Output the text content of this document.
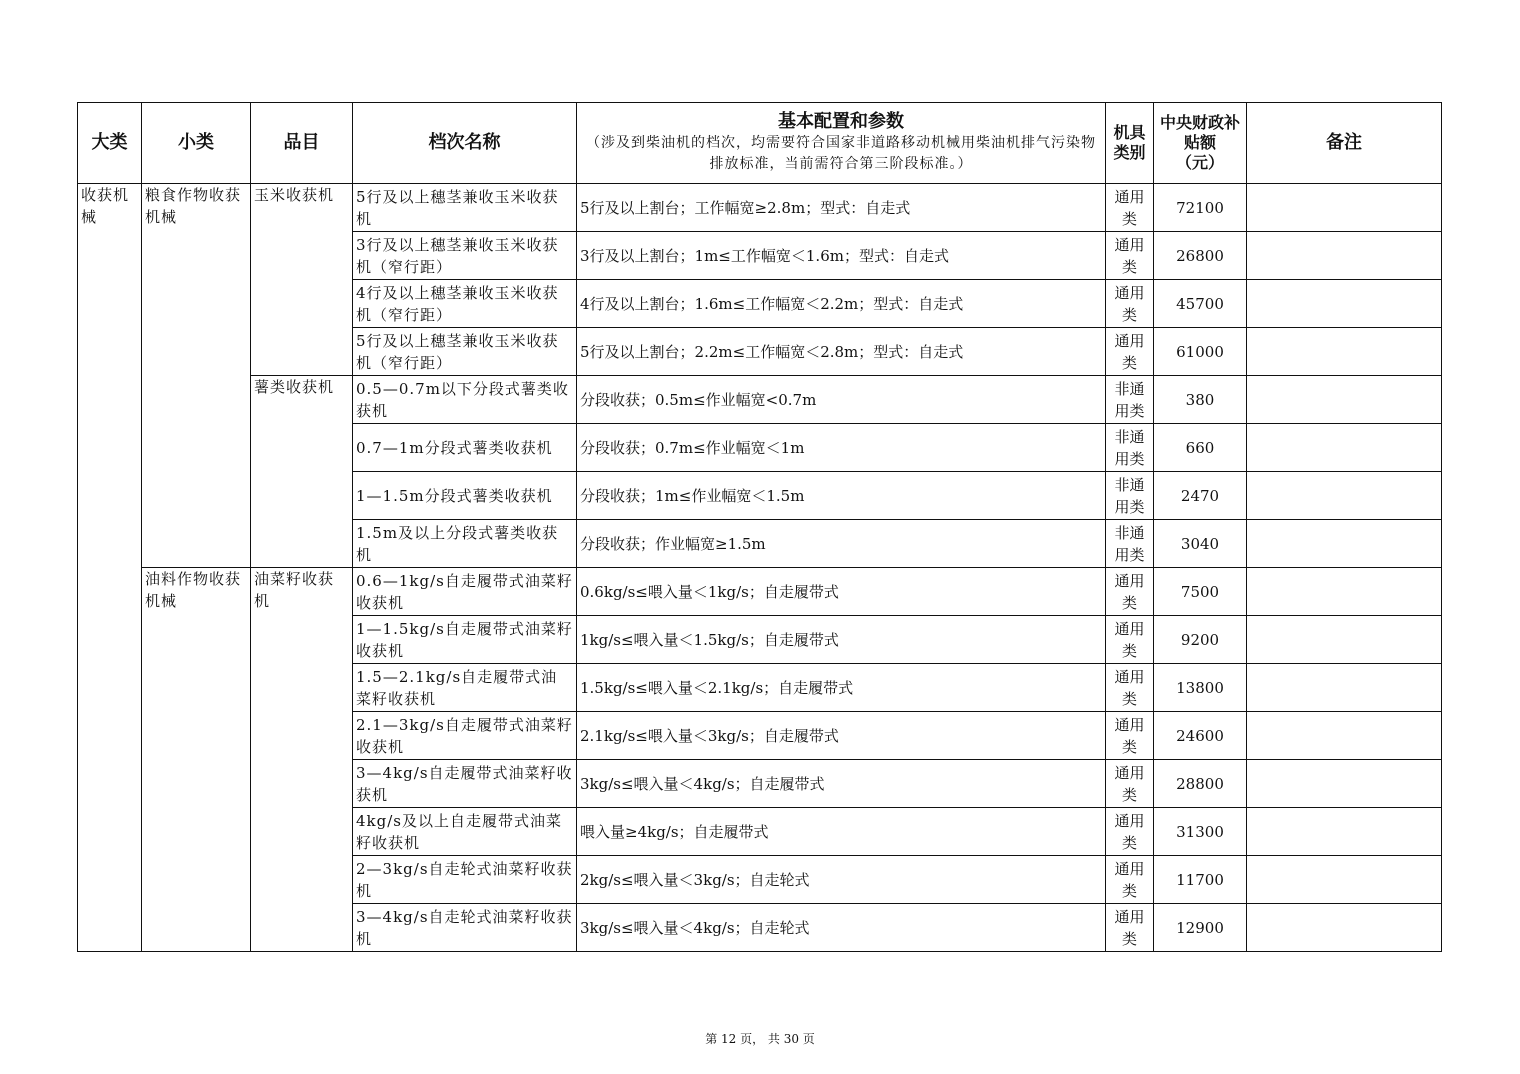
大类	小类	品目	档次名称	基本配置和参数
（涉及到柴油机的档次，均需要符合国家非道路移动机械用柴油机排气污染物排放标准，当前需符合第三阶段标准。）	机具类别	中央财政补贴额
（元）	备注
收获机械	粮食作物收获机械	玉米收获机	5行及以上穗茎兼收玉米收获机	5行及以上割台；工作幅宽≥2.8m；型式：自走式	通用类	72100	
			3行及以上穗茎兼收玉米收获机（窄行距）	3行及以上割台；1m≤工作幅宽＜1.6m；型式：自走式	通用类	26800	
			4行及以上穗茎兼收玉米收获机（窄行距）	4行及以上割台；1.6m≤工作幅宽＜2.2m；型式：自走式	通用类	45700	
			5行及以上穗茎兼收玉米收获机（窄行距）	5行及以上割台；2.2m≤工作幅宽＜2.8m；型式：自走式	通用类	61000	
		薯类收获机	0.5—0.7m以下分段式薯类收获机	分段收获；0.5m≤作业幅宽<0.7m	非通用类	380	
			0.7—1m分段式薯类收获机	分段收获；0.7m≤作业幅宽＜1m	非通用类	660	
			1—1.5m分段式薯类收获机	分段收获；1m≤作业幅宽＜1.5m	非通用类	2470	
			1.5m及以上分段式薯类收获机	分段收获；作业幅宽≥1.5m	非通用类	3040	
	油料作物收获机械	油菜籽收获机	0.6—1kg/s自走履带式油菜籽收获机	0.6kg/s≤喂入量＜1kg/s；自走履带式	通用类	7500	
			1—1.5kg/s自走履带式油菜籽收获机	1kg/s≤喂入量＜1.5kg/s；自走履带式	通用类	9200	
			1.5—2.1kg/s自走履带式油菜籽收获机	1.5kg/s≤喂入量＜2.1kg/s；自走履带式	通用类	13800	
			2.1—3kg/s自走履带式油菜籽收获机	2.1kg/s≤喂入量＜3kg/s；自走履带式	通用类	24600	
			3—4kg/s自走履带式油菜籽收获机	3kg/s≤喂入量＜4kg/s；自走履带式	通用类	28800	
			4kg/s及以上自走履带式油菜籽收获机	喂入量≥4kg/s；自走履带式	通用类	31300	
			2—3kg/s自走轮式油菜籽收获机	2kg/s≤喂入量＜3kg/s；自走轮式	通用类	11700	
			3—4kg/s自走轮式油菜籽收获机	3kg/s≤喂入量＜4kg/s；自走轮式	通用类	12900	
第 12 页， 共 30 页
